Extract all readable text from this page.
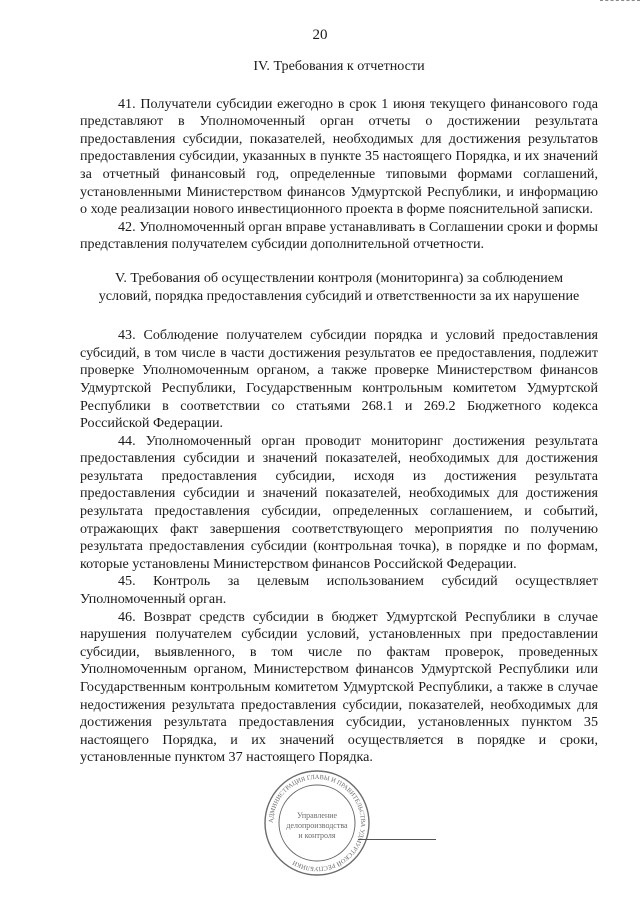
20

IV. Требования к отчетности

41. Получатели субсидии ежегодно в срок 1 июня текущего финансового года представляют в Уполномоченный орган отчеты о достижении результата предоставления субсидии, показателей, необходимых для достижения результатов предоставления субсидии, указанных в пункте 35 настоящего Порядка, и их значений за отчетный финансовый год, определенные типовыми формами соглашений, установленными Министерством финансов Удмуртской Республики, и информацию о ходе реализации нового инвестиционного проекта в форме пояснительной записки.

42. Уполномоченный орган вправе устанавливать в Соглашении сроки и формы представления получателем субсидии дополнительной отчетности.

V. Требования об осуществлении контроля (мониторинга) за соблюдением
условий, порядка предоставления субсидий и ответственности за их нарушение

43. Соблюдение получателем субсидии порядка и условий предоставления субсидий, в том числе в части достижения результатов ее предоставления, подлежит проверке Уполномоченным органом, а также проверке Министерством финансов Удмуртской Республики, Государственным контрольным комитетом Удмуртской Республики в соответствии со статьями 268.1 и 269.2 Бюджетного кодекса Российской Федерации.

44. Уполномоченный орган проводит мониторинг достижения результата предоставления субсидии и значений показателей, необходимых для достижения результата предоставления субсидии, исходя из достижения результата предоставления субсидии и значений показателей, необходимых для достижения результата предоставления субсидии, определенных соглашением, и событий, отражающих факт завершения соответствующего мероприятия по получению результата предоставления субсидии (контрольная точка), в порядке и по формам, которые установлены Министерством финансов Российской Федерации.

45. Контроль за целевым использованием субсидий осуществляет Уполномоченный орган.

46. Возврат средств субсидии в бюджет Удмуртской Республики в случае нарушения получателем субсидии условий, установленных при предоставлении субсидии, выявленного, в том числе по фактам проверок, проведенных Уполномоченным органом, Министерством финансов Удмуртской Республики или Государственным контрольным комитетом Удмуртской Республики, а также в случае недостижения результата предоставления субсидии, показателей, необходимых для достижения результата предоставления субсидии, установленных пунктом 35 настоящего Порядка, и их значений осуществляется в порядке и сроки, установленные пунктом 37 настоящего Порядка.

АДМИНИСТРАЦИЯ ГЛАВЫ И ПРАВИТЕЛЬСТВА УДМУРТСКОЙ РЕСПУБЛИКИ
Управление
делопроизводства
и контроля
